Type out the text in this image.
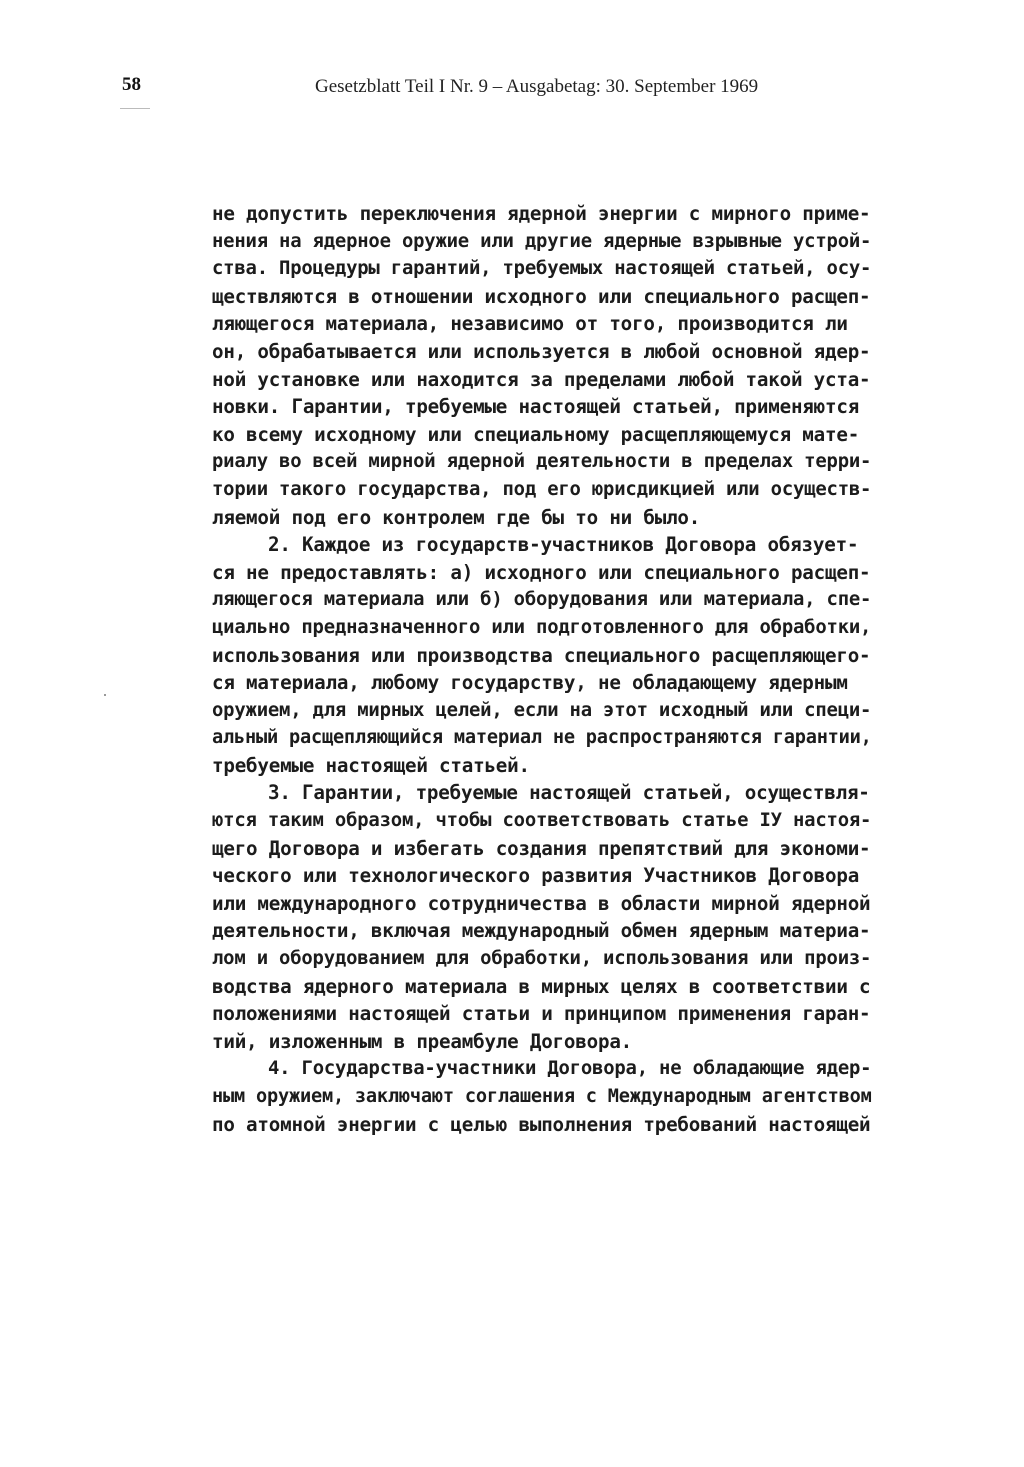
58	Gesetzblatt Teil I Nr. 9 – Ausgabetag: 30. September 1969
не допустить переключения ядерной энергии с мирного приме-
нения на ядерное оружие или другие ядерные взрывные устрой-
ства. Процедуры гарантий, требуемых настоящей статьей, осу-
ществляются в отношении исходного или специального расщеп-
ляющегося материала, независимо от того, производится ли
он, обрабатывается или используется в любой основной ядер-
ной установке или находится за пределами любой такой уста-
новки. Гарантии, требуемые настоящей статьей, применяются
ко всему исходному или специальному расщепляющемуся мате-
риалу во всей мирной ядерной деятельности в пределах терри-
тории такого государства, под его юрисдикцией или осуществ-
ляемой под его контролем где бы то ни было.
2. Каждое из государств-участников Договора обязует-
ся не предоставлять: а) исходного или специального расщеп-
ляющегося материала или б) оборудования или материала, спе-
циально предназначенного или подготовленного для обработки,
использования или производства специального расщепляющего-
ся материала, любому государству, не обладающему ядерным
оружием, для мирных целей, если на этот исходный или специ-
альный расщепляющийся материал не распространяются гарантии,
требуемые настоящей статьей.
3. Гарантии, требуемые настоящей статьей, осуществля-
ются таким образом, чтобы соответствовать статье IУ настоя-
щего Договора и избегать создания препятствий для экономи-
ческого или технологического развития Участников Договора
или международного сотрудничества в области мирной ядерной
деятельности, включая международный обмен ядерным материа-
лом и оборудованием для обработки, использования или произ-
водства ядерного материала в мирных целях в соответствии с
положениями настоящей статьи и принципом применения гаран-
тий, изложенным в преамбуле Договора.
4. Государства-участники Договора, не обладающие ядер-
ным оружием, заключают соглашения с Международным агентством
по атомной энергии с целью выполнения требований настоящей
